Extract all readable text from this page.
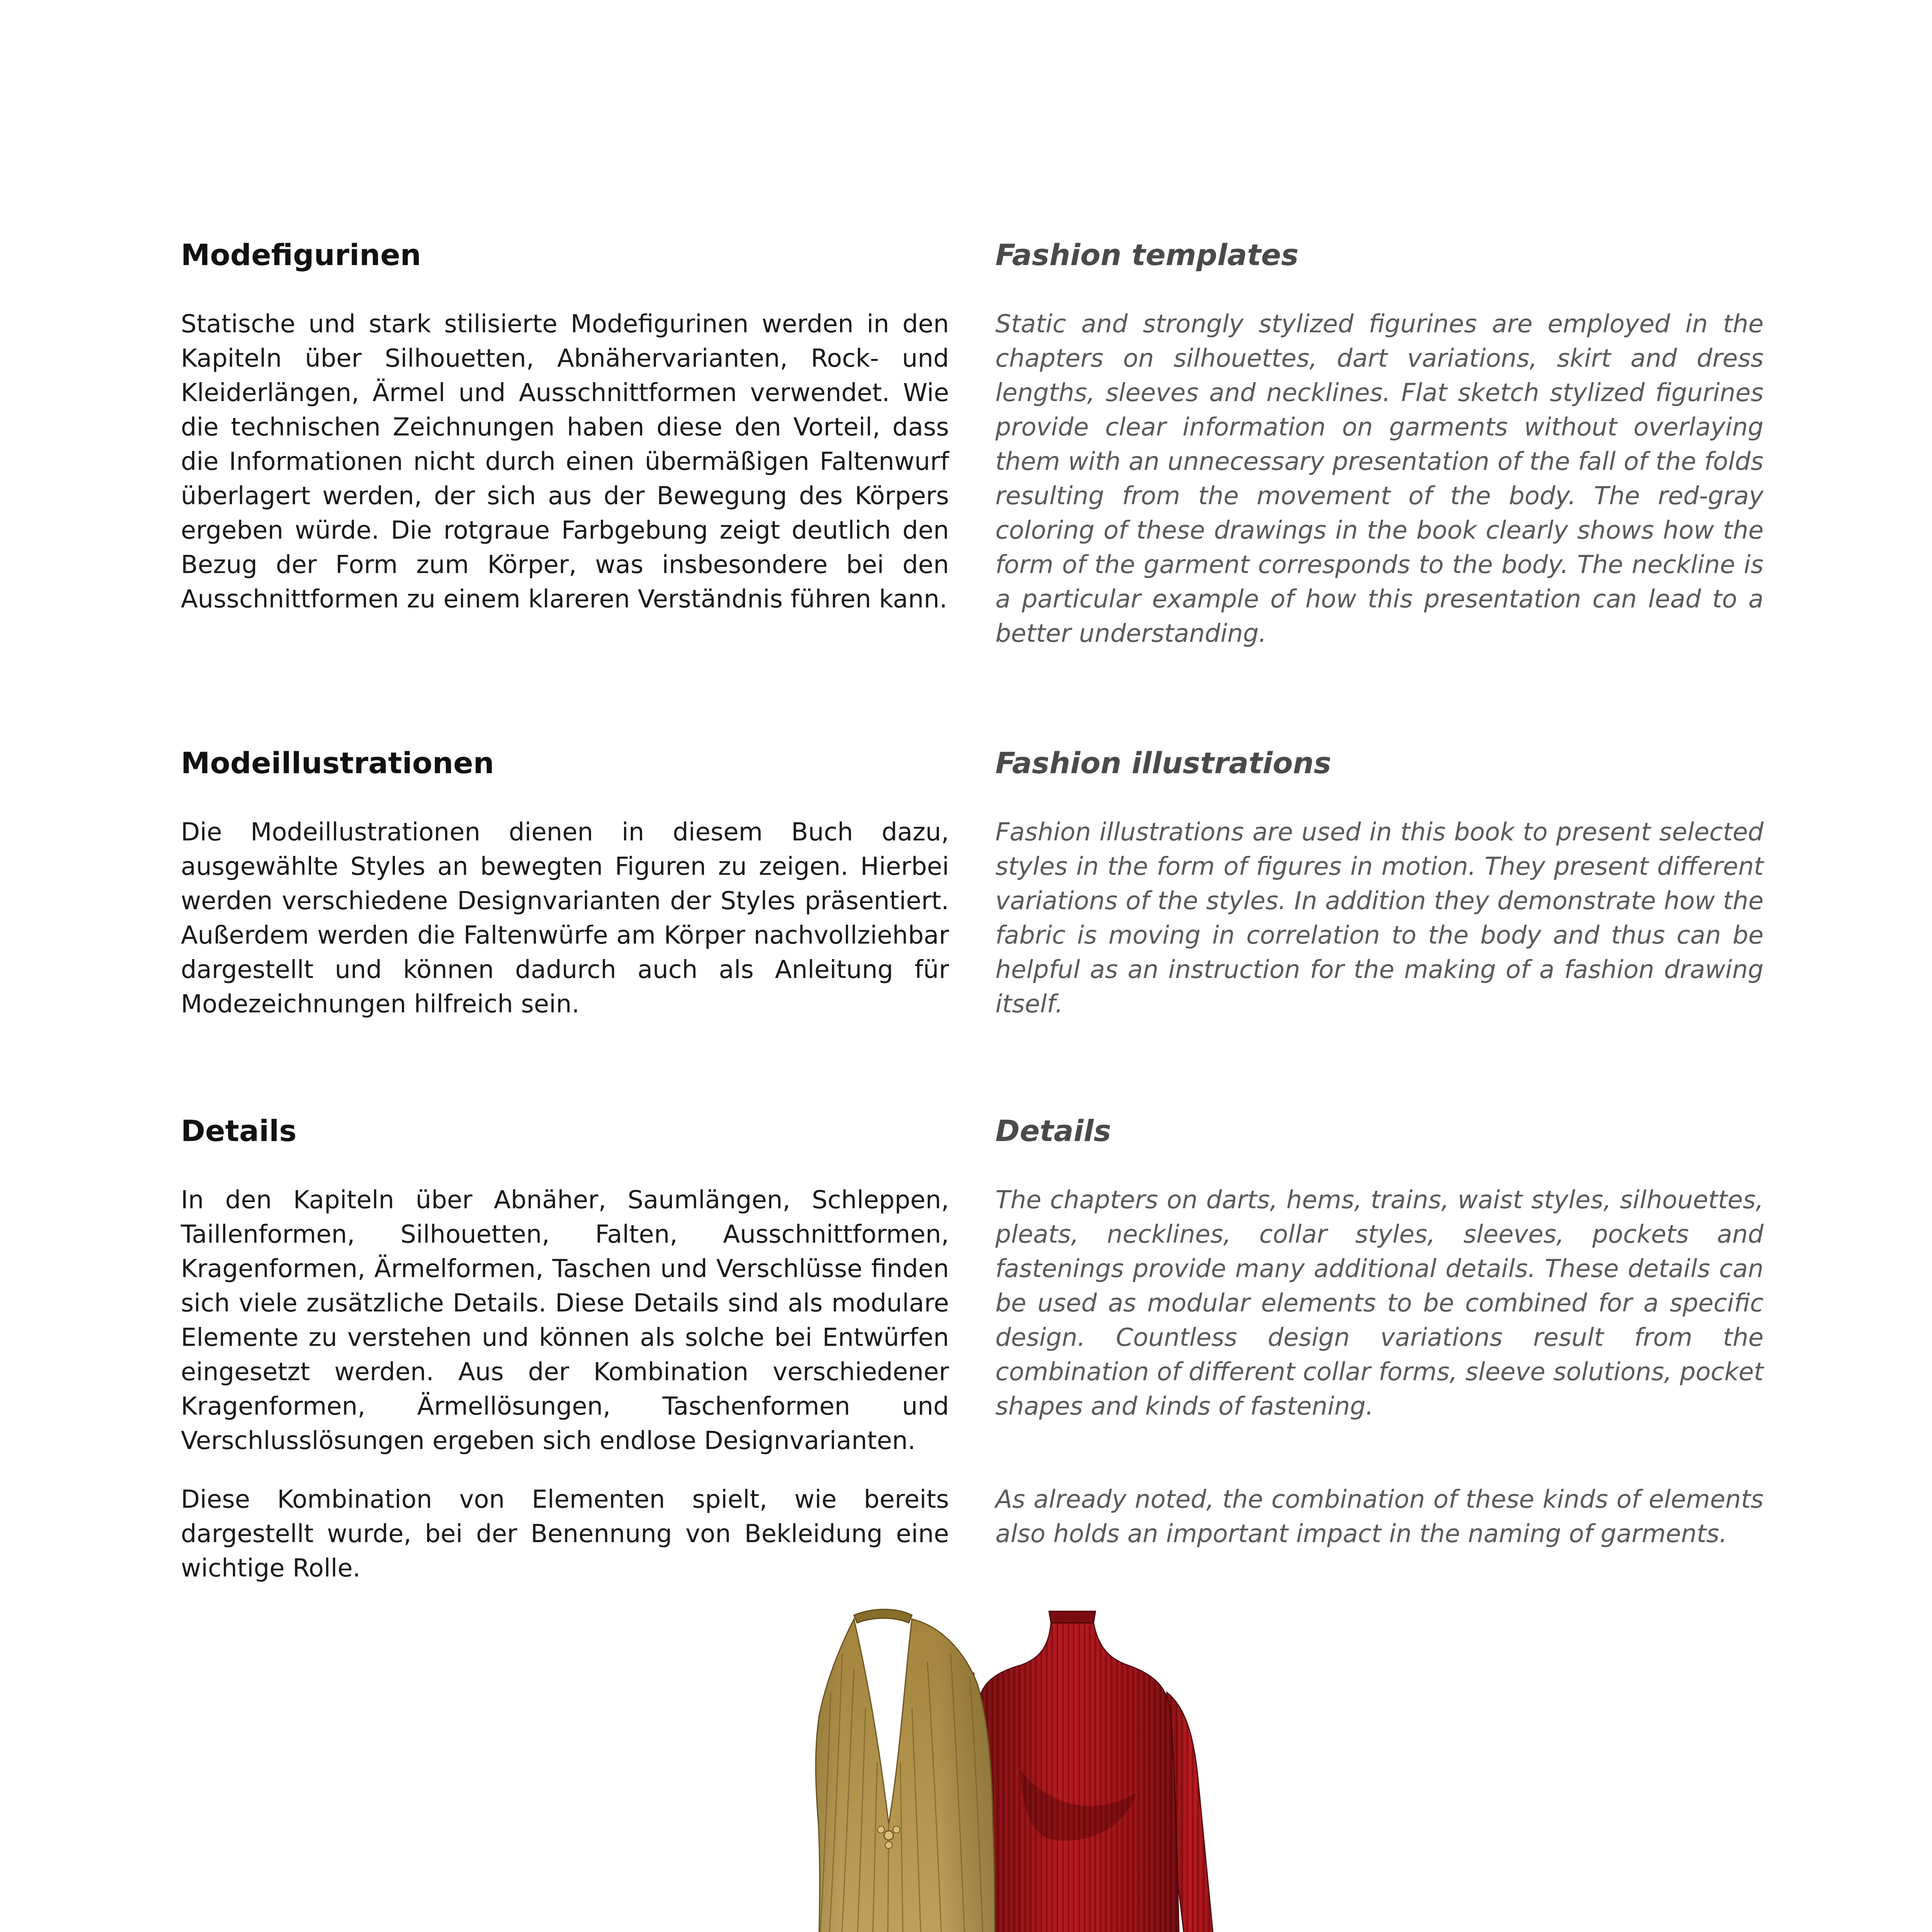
Modefigurinen

Statische und stark stilisierte Modefigurinen werden in den Kapiteln über Silhouetten, Abnähervarianten, Rock- und Kleiderlängen, Ärmel und Ausschnittformen verwendet. Wie die technischen Zeichnungen haben diese den Vorteil, dass die Informationen nicht durch einen übermäßigen Faltenwurf überlagert werden, der sich aus der Bewegung des Körpers ergeben würde. Die rotgraue Farbgebung zeigt deutlich den Bezug der Form zum Körper, was insbesondere bei den Ausschnittformen zu einem klareren Verständnis führen kann.

Fashion templates

Static and strongly stylized figurines are employed in the chapters on silhouettes, dart variations, skirt and dress lengths, sleeves and necklines. Flat sketch stylized figurines provide clear information on garments without overlaying them with an unnecessary presentation of the fall of the folds resulting from the movement of the body. The red-gray coloring of these drawings in the book clearly shows how the form of the garment corresponds to the body. The neckline is a particular example of how this presentation can lead to a better understanding.

Modeillustrationen

Die Modeillustrationen dienen in diesem Buch dazu, ausgewählte Styles an bewegten Figuren zu zeigen. Hierbei werden verschiedene Designvarianten der Styles präsentiert. Außerdem werden die Faltenwürfe am Körper nachvollziehbar dargestellt und können dadurch auch als Anleitung für Modezeichnungen hilfreich sein.

Fashion illustrations

Fashion illustrations are used in this book to present selected styles in the form of figures in motion. They present different variations of the styles. In addition they demonstrate how the fabric is moving in correlation to the body and thus can be helpful as an instruction for the making of a fashion drawing itself.

Details

In den Kapiteln über Abnäher, Saumlängen, Schleppen, Taillenformen, Silhouetten, Falten, Ausschnittformen, Kragenformen, Ärmelformen, Taschen und Verschlüsse finden sich viele zusätzliche Details. Diese Details sind als modulare Elemente zu verstehen und können als solche bei Entwürfen eingesetzt werden. Aus der Kombination verschiedener Kragenformen, Ärmellösungen, Taschenformen und Verschlusslösungen ergeben sich endlose Designvarianten.

Diese Kombination von Elementen spielt, wie bereits dargestellt wurde, bei der Benennung von Bekleidung eine wichtige Rolle.

Details

The chapters on darts, hems, trains, waist styles, silhouettes, pleats, necklines, collar styles, sleeves, pockets and fastenings provide many additional details. These details can be used as modular elements to be combined for a specific design. Countless design variations result from the combination of different collar forms, sleeve solutions, pocket shapes and kinds of fastening.

As already noted, the combination of these kinds of elements also holds an important impact in the naming of garments.
